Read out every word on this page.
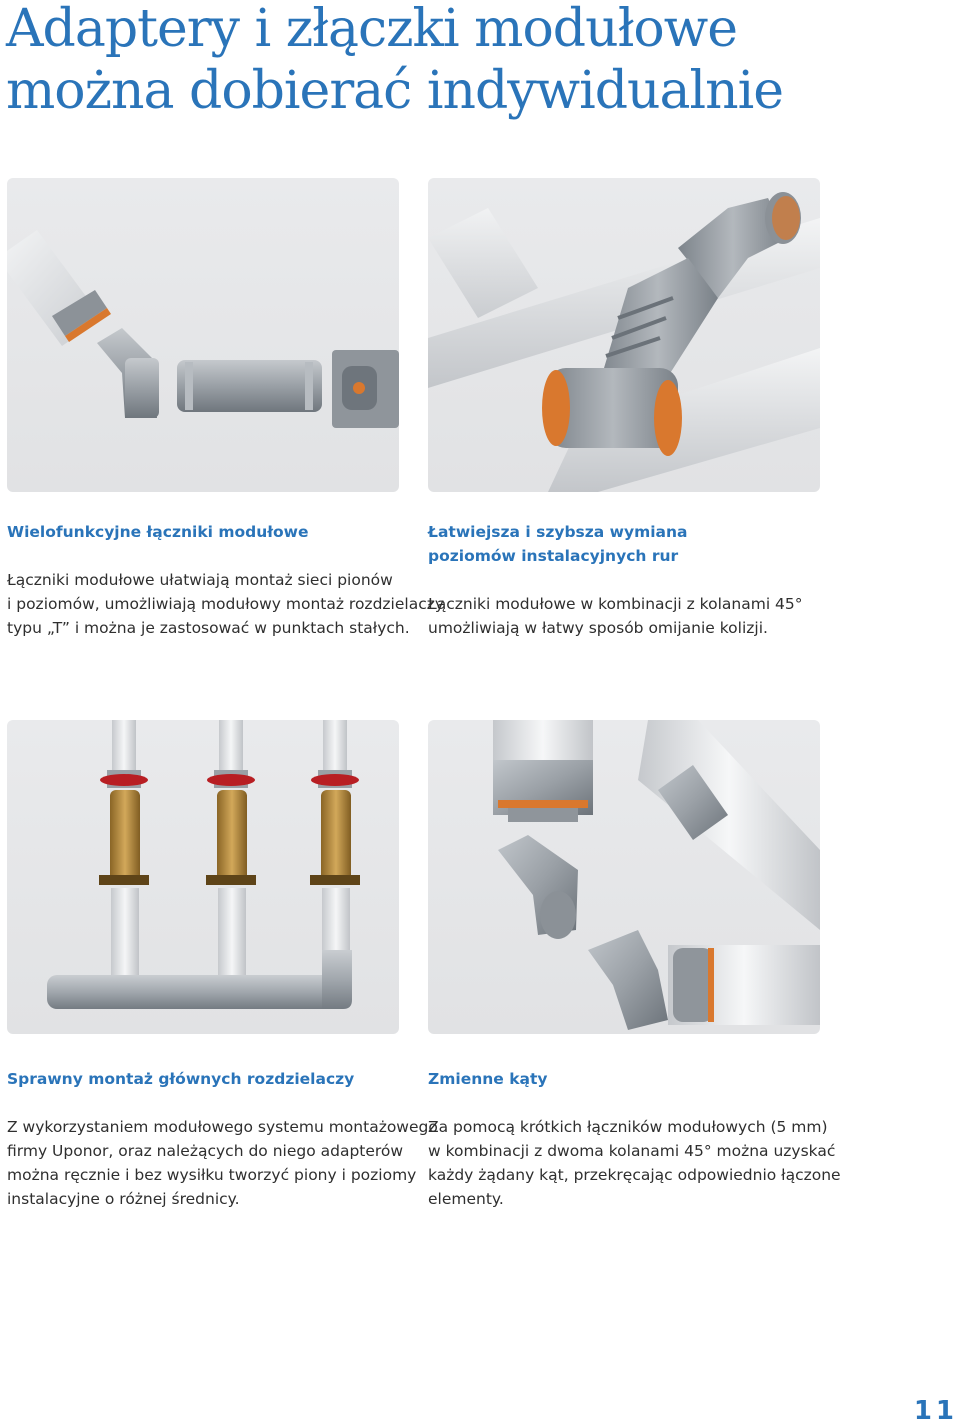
Adaptery i złączki modułowe
można dobierać indywidualnie

Wielofunkcyjne łączniki modułowe

Łączniki modułowe ułatwiają montaż sieci pionów
i poziomów, umożliwiają modułowy montaż rozdzielaczy
typu „T” i można je zastosować w punktach stałych.

Łatwiejsza i szybsza wymiana
poziomów instalacyjnych rur

Łączniki modułowe w kombinacji z kolanami 45°
umożliwiają w łatwy sposób omijanie kolizji.

Sprawny montaż głównych rozdzielaczy

Z wykorzystaniem modułowego systemu montażowego
firmy Uponor, oraz należących do niego adapterów
można ręcznie i bez wysiłku tworzyć piony i poziomy
instalacyjne o różnej średnicy.

Zmienne kąty

Za pomocą krótkich łączników modułowych (5 mm)
w kombinacji z dwoma kolanami 45° można uzyskać
każdy żądany kąt, przekręcając odpowiednio łączone
elementy.

11
